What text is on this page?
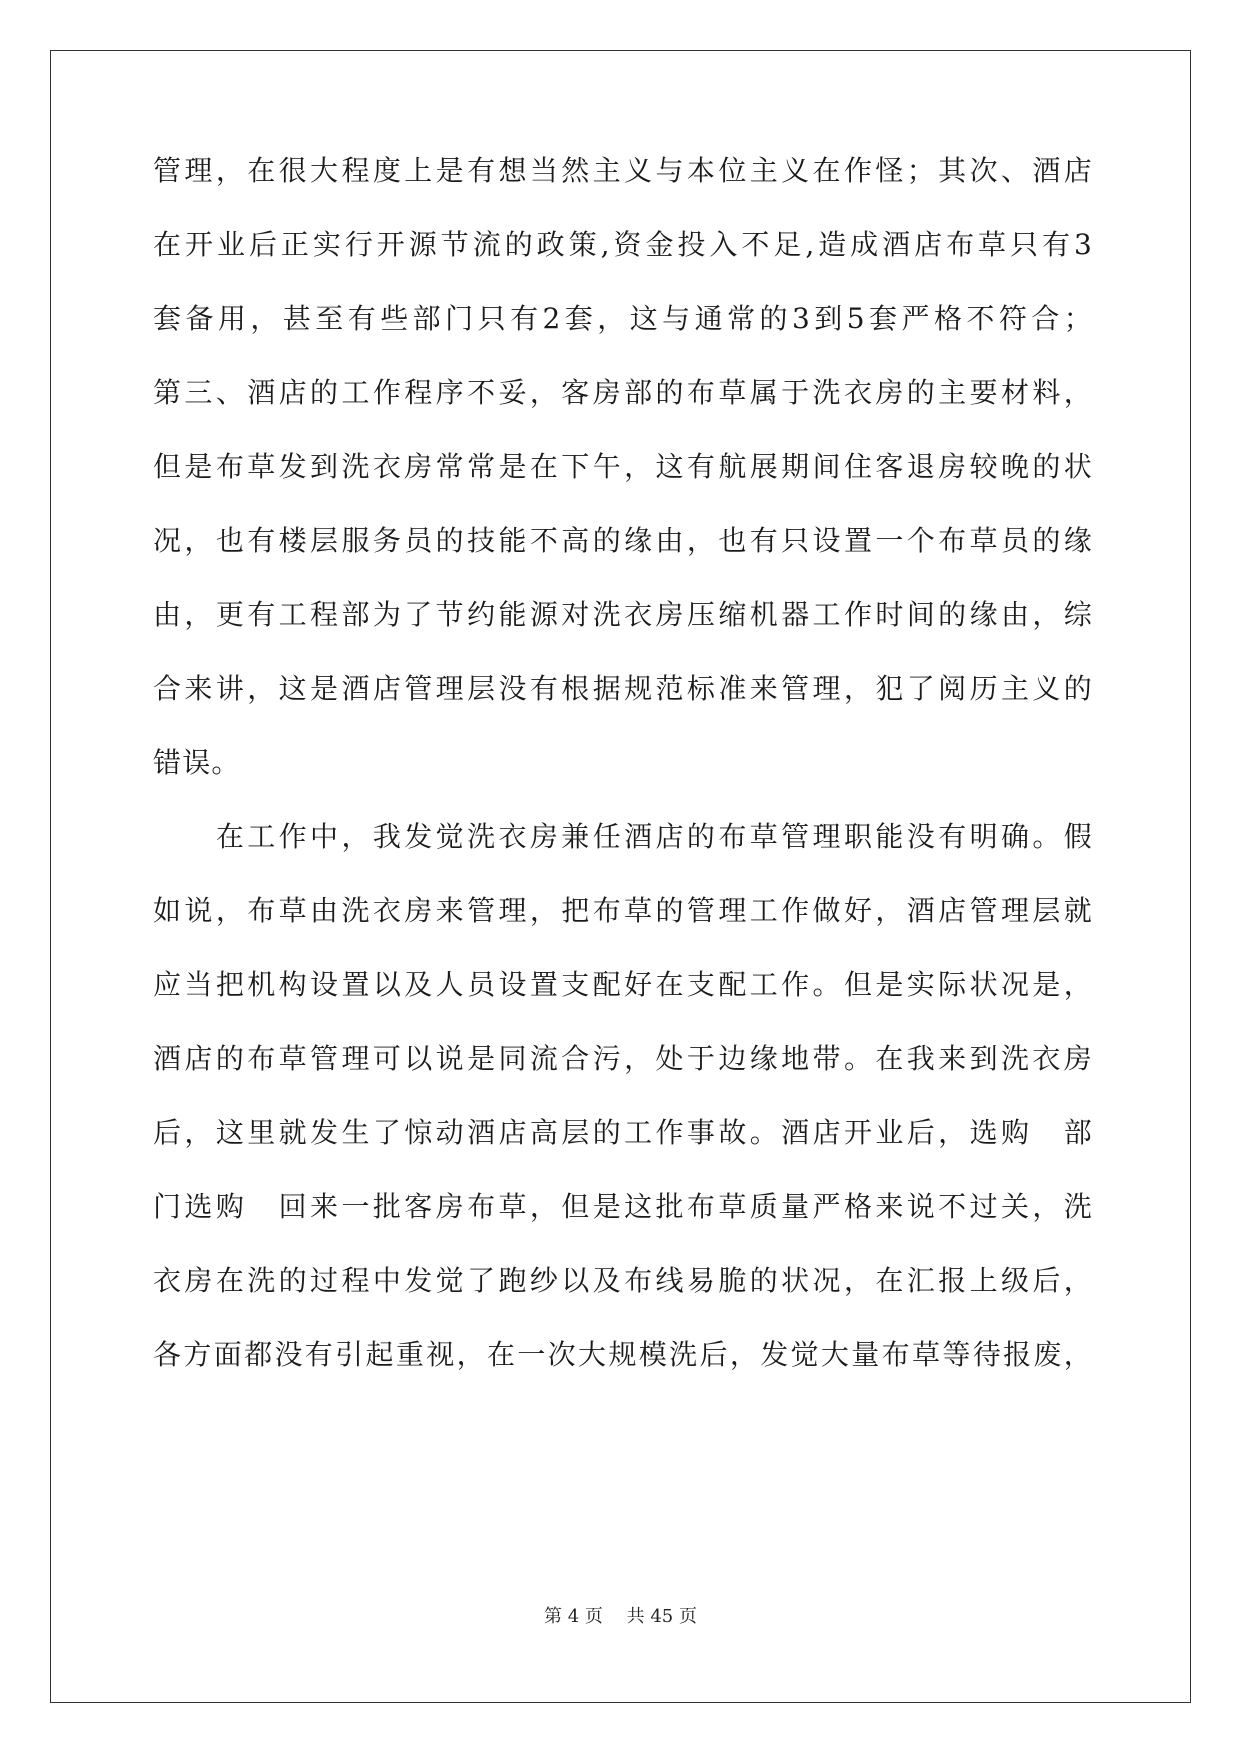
管理，在很大程度上是有想当然主义与本位主义在作怪；其次、酒店
在开业后正实行开源节流的政策,资金投入不足,造成酒店布草只有3
套备用，甚至有些部门只有2套，这与通常的3到5套严格不符合；
第三、酒店的工作程序不妥，客房部的布草属于洗衣房的主要材料，
但是布草发到洗衣房常常是在下午，这有航展期间住客退房较晚的状
况，也有楼层服务员的技能不高的缘由，也有只设置一个布草员的缘
由，更有工程部为了节约能源对洗衣房压缩机器工作时间的缘由，综
合来讲，这是酒店管理层没有根据规范标准来管理，犯了阅历主义的
错误。
　　在工作中，我发觉洗衣房兼任酒店的布草管理职能没有明确。假
如说，布草由洗衣房来管理，把布草的管理工作做好，酒店管理层就
应当把机构设置以及人员设置支配好在支配工作。但是实际状况是，
酒店的布草管理可以说是同流合污，处于边缘地带。在我来到洗衣房
后，这里就发生了惊动酒店高层的工作事故。酒店开业后，选购　部
门选购　回来一批客房布草，但是这批布草质量严格来说不过关，洗
衣房在洗的过程中发觉了跑纱以及布线易脆的状况，在汇报上级后，
各方面都没有引起重视，在一次大规模洗后，发觉大量布草等待报废，
第 4 页　 共 45 页
